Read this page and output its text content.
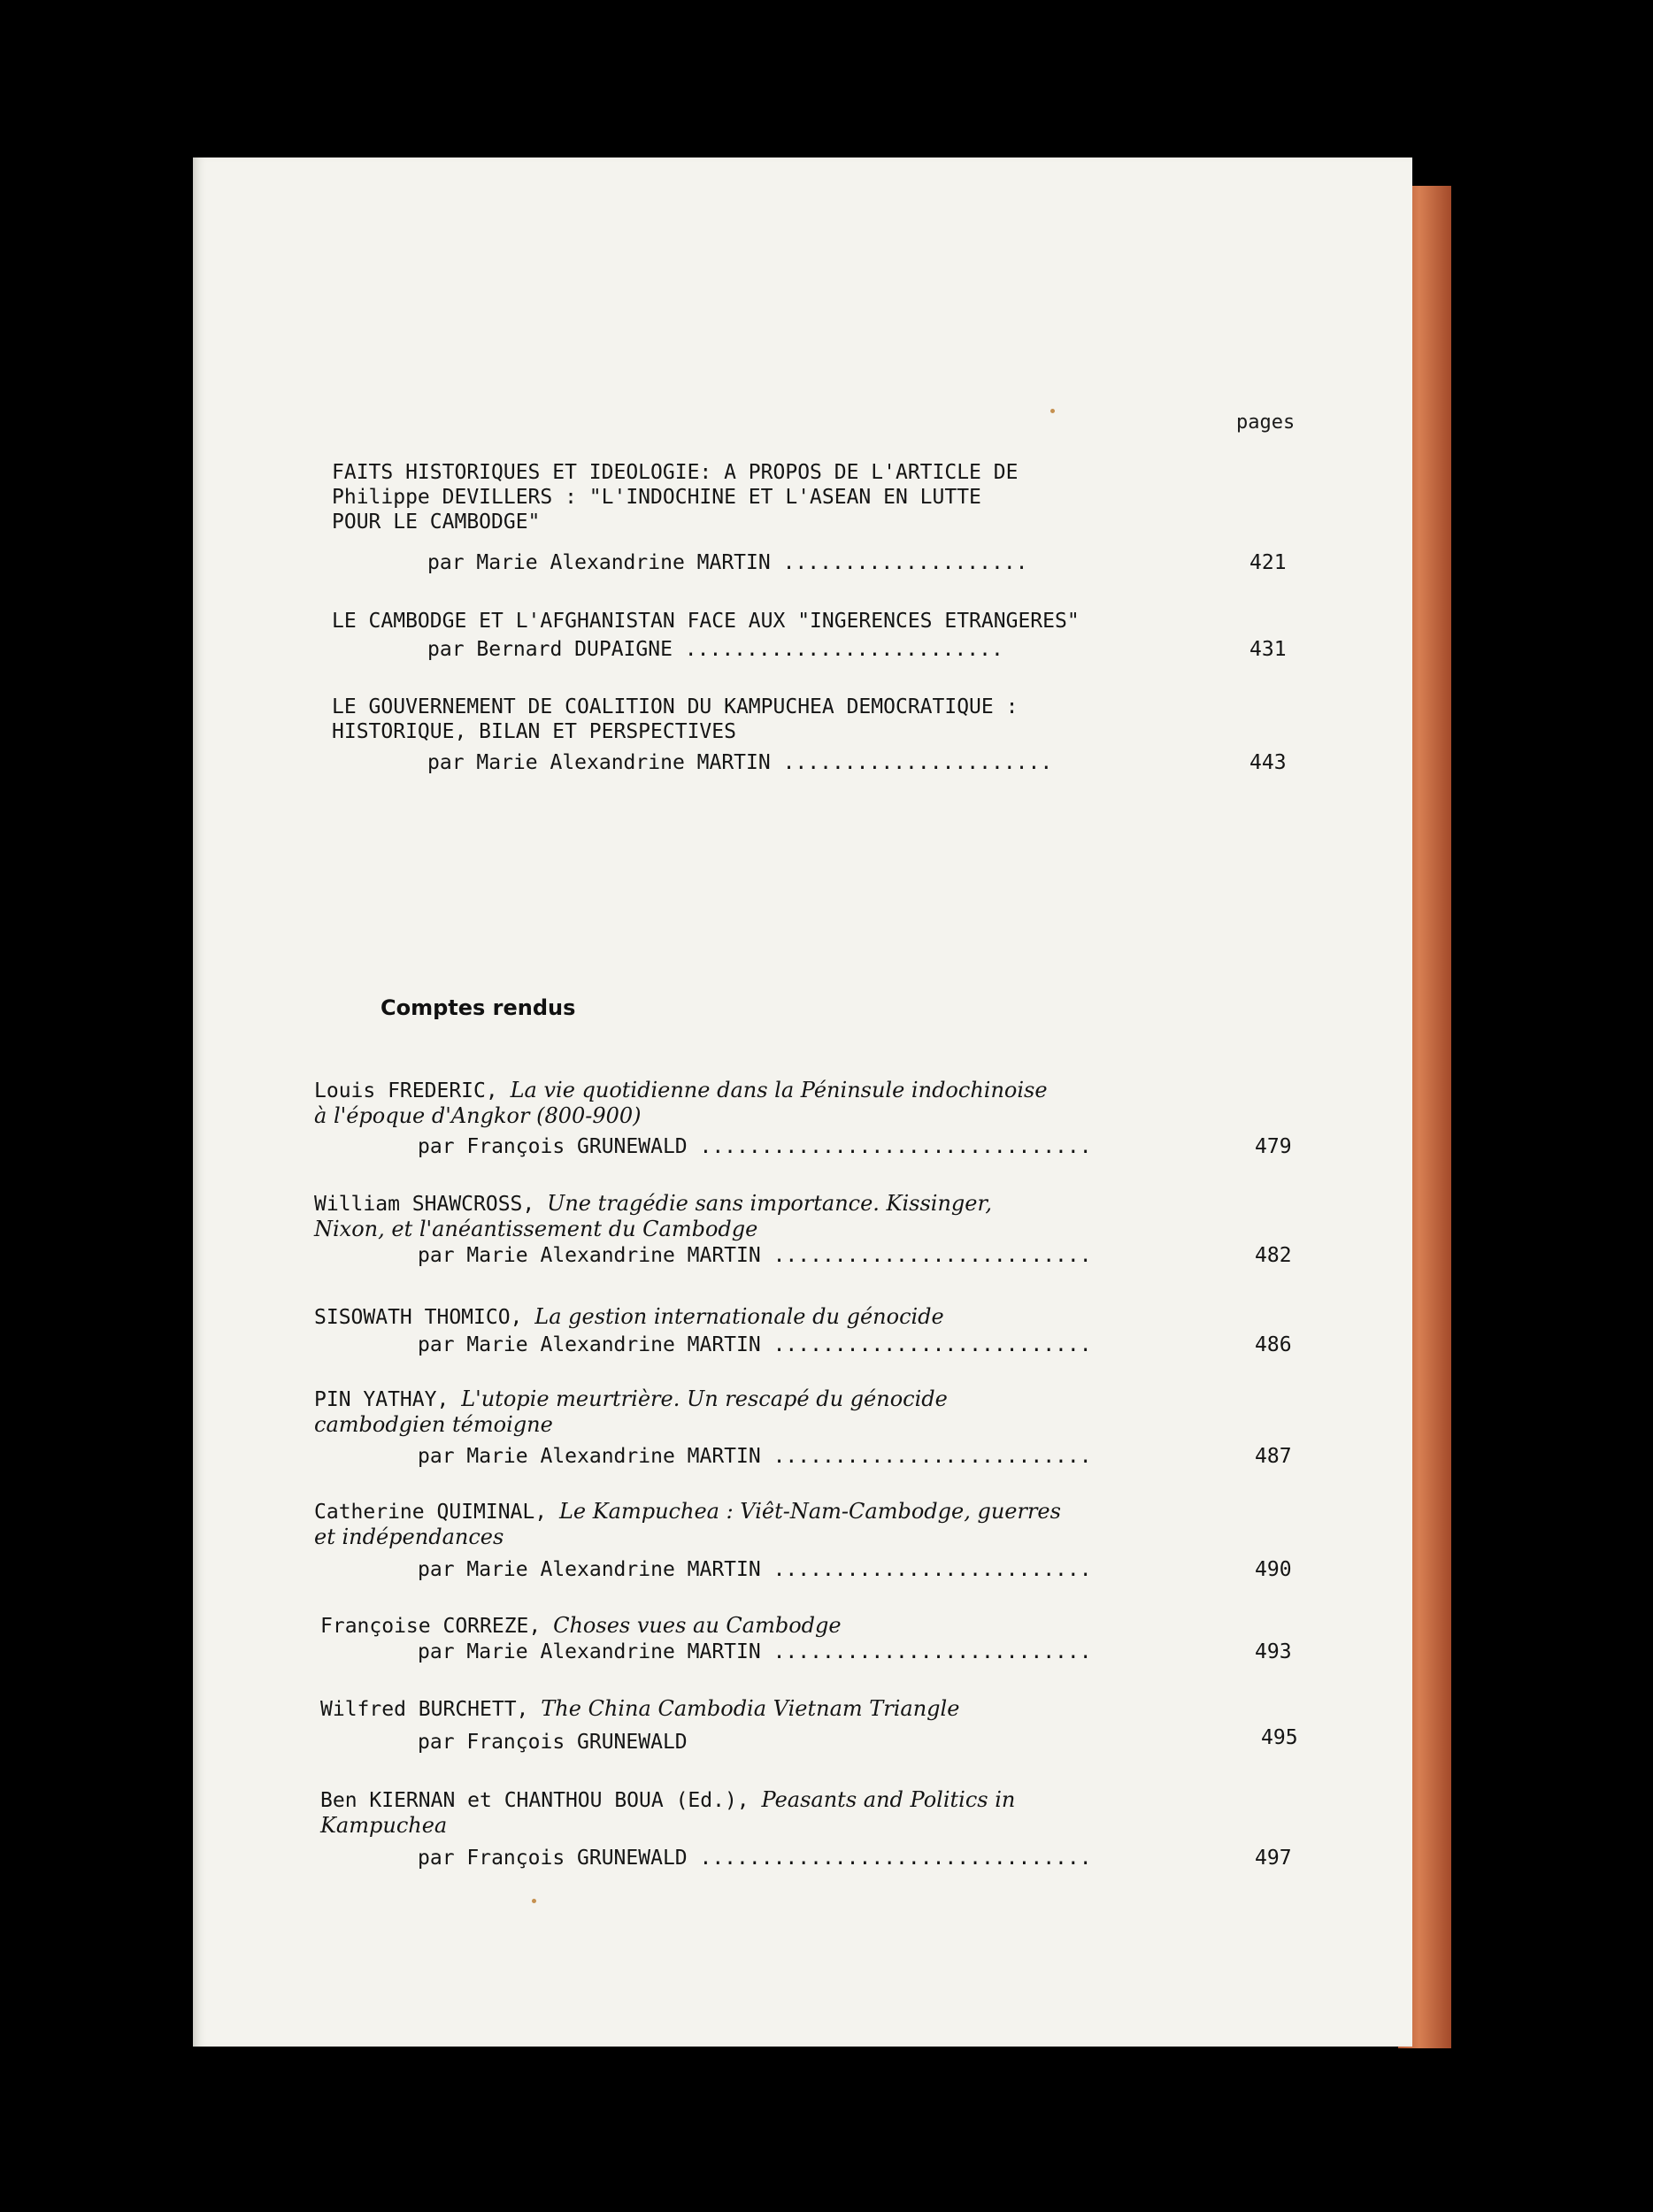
pages
FAITS HISTORIQUES ET IDEOLOGIE: A PROPOS DE L'ARTICLE DE
Philippe DEVILLERS : "L'INDOCHINE ET L'ASEAN EN LUTTE
POUR LE CAMBODGE"
par Marie Alexandrine MARTIN ....................	421
LE CAMBODGE ET L'AFGHANISTAN FACE AUX "INGERENCES ETRANGERES"
par Bernard DUPAIGNE ..........................	431
LE GOUVERNEMENT DE COALITION DU KAMPUCHEA DEMOCRATIQUE :
HISTORIQUE, BILAN ET PERSPECTIVES
par Marie Alexandrine MARTIN ......................	443
Comptes rendus
Louis FREDERIC, La vie quotidienne dans la Péninsule indochinoise
à l'époque d'Angkor (800-900)
par François GRUNEWALD ................................	479
William SHAWCROSS, Une tragédie sans importance. Kissinger,
Nixon, et l'anéantissement du Cambodge
par Marie Alexandrine MARTIN ..........................	482
SISOWATH THOMICO, La gestion internationale du génocide
par Marie Alexandrine MARTIN ..........................	486
PIN YATHAY, L'utopie meurtrière. Un rescapé du génocide
cambodgien témoigne
par Marie Alexandrine MARTIN ..........................	487
Catherine QUIMINAL, Le Kampuchea : Viêt-Nam-Cambodge, guerres
et indépendances
par Marie Alexandrine MARTIN ..........................	490
Françoise CORREZE, Choses vues au Cambodge
par Marie Alexandrine MARTIN ..........................	493
Wilfred BURCHETT, The China Cambodia Vietnam Triangle
par François GRUNEWALD	495
Ben KIERNAN et CHANTHOU BOUA (Ed.), Peasants and Politics in
Kampuchea
par François GRUNEWALD ................................	497
